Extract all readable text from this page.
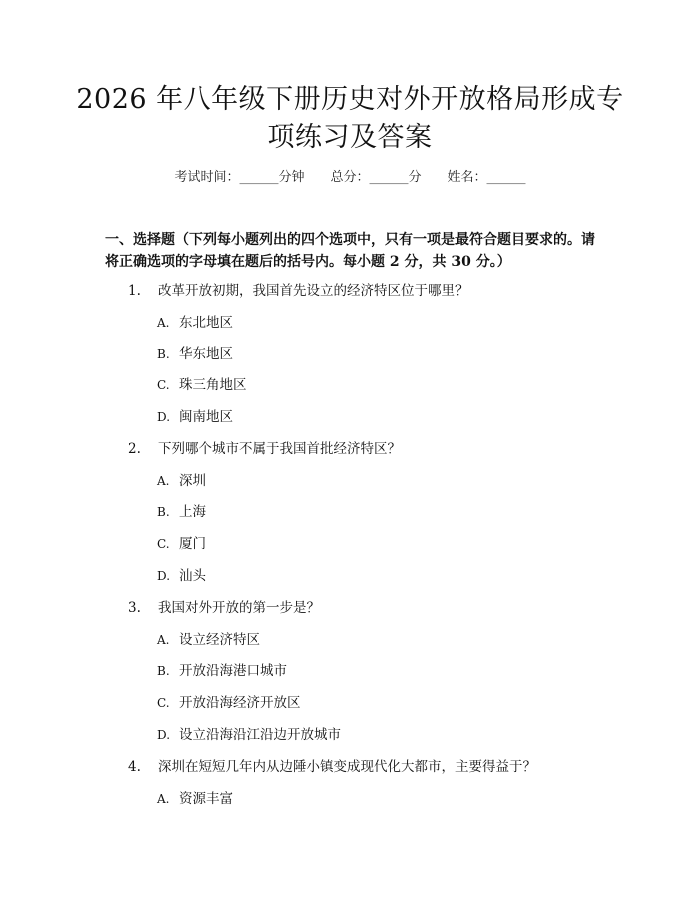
2026 年八年级下册历史对外开放格局形成专
项练习及答案
考试时间：______分钟 总分：______分 姓名：______
一、选择题（下列每小题列出的四个选项中，只有一项是最符合题目要求的。请将正确选项的字母填在题后的括号内。每小题 2 分，共 30 分。）
1. 改革开放初期，我国首先设立的经济特区位于哪里？
A. 东北地区
B. 华东地区
C. 珠三角地区
D. 闽南地区
2. 下列哪个城市不属于我国首批经济特区？
A. 深圳
B. 上海
C. 厦门
D. 汕头
3. 我国对外开放的第一步是？
A. 设立经济特区
B. 开放沿海港口城市
C. 开放沿海经济开放区
D. 设立沿海沿江沿边开放城市
4. 深圳在短短几年内从边陲小镇变成现代化大都市，主要得益于？
A. 资源丰富
